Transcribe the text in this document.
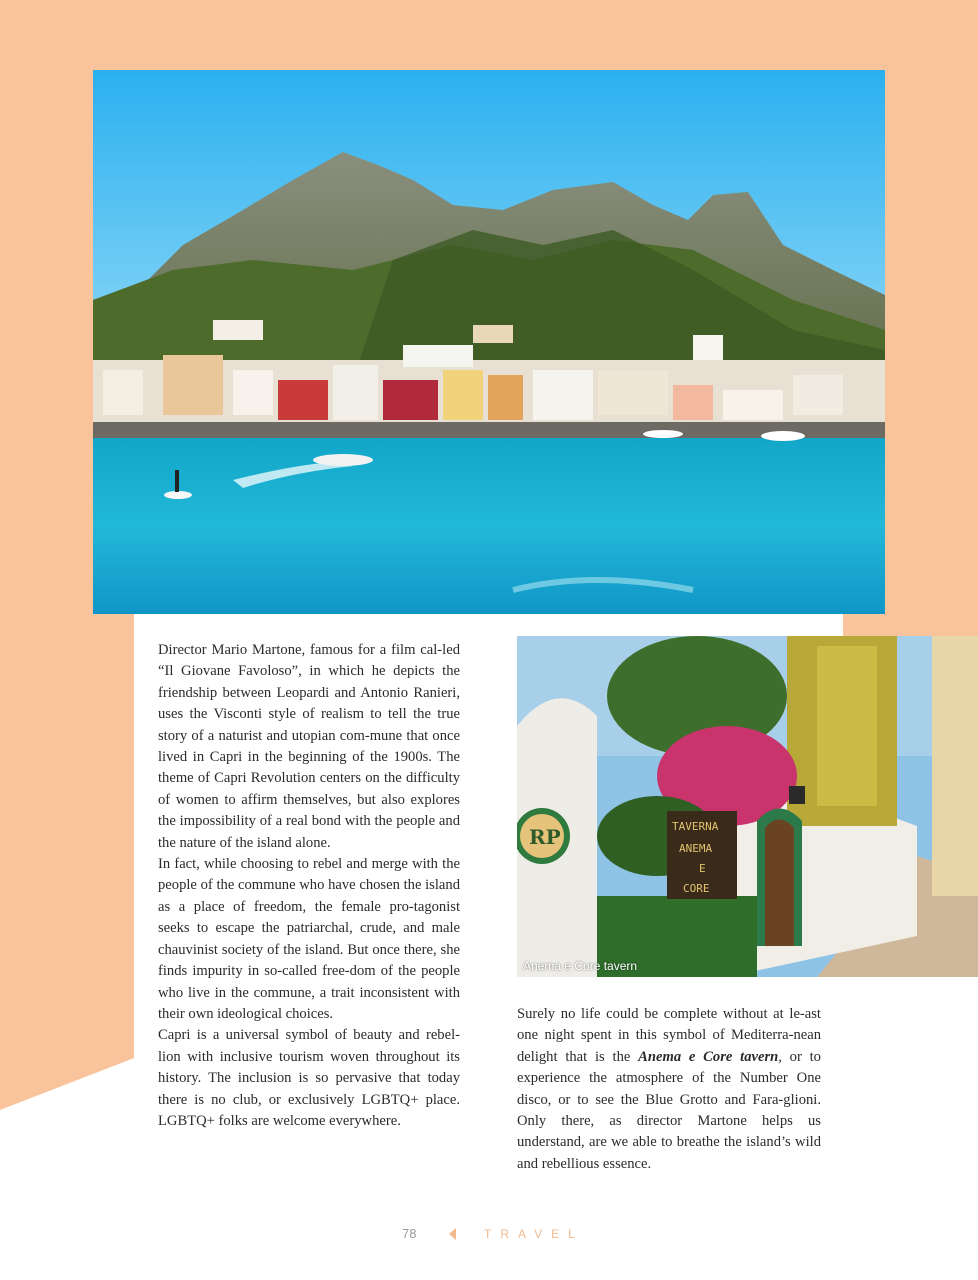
Director Mario Martone, famous for a film cal-led “Il Giovane Favoloso”, in which he depicts the friendship between Leopardi and Antonio Ranieri, uses the Visconti style of realism to tell the true story of a naturist and utopian com-mune that once lived in Capri in the beginning of the 1900s. The theme of Capri Revolution centers on the difficulty of women to affirm themselves, but also explores the impossibility of a real bond with the people and the nature of the island alone.

In fact, while choosing to rebel and merge with the people of the commune who have chosen the island as a place of freedom, the female pro-tagonist seeks to escape the patriarchal, crude, and male chauvinist society of the island. But once there, she finds impurity in so-called free-dom of the people who live in the commune, a trait inconsistent with their own ideological choices.

Capri is a universal symbol of beauty and rebel-lion with inclusive tourism woven throughout its history. The inclusion is so pervasive that today there is no club, or exclusively LGBTQ+ place. LGBTQ+ folks are welcome everywhere.

RP	TAVERNA
ANEMA
E
CORE
Anema e Core tavern

Surely no life could be complete without at le-ast one night spent in this symbol of Mediterra-nean delight that is the Anema e Core tavern, or to experience the atmosphere of the Number One disco, or to see the Blue Grotto and Fara-glioni. Only there, as director Martone helps us understand, are we able to breathe the island’s wild and rebellious essence.

78	TRAVEL
